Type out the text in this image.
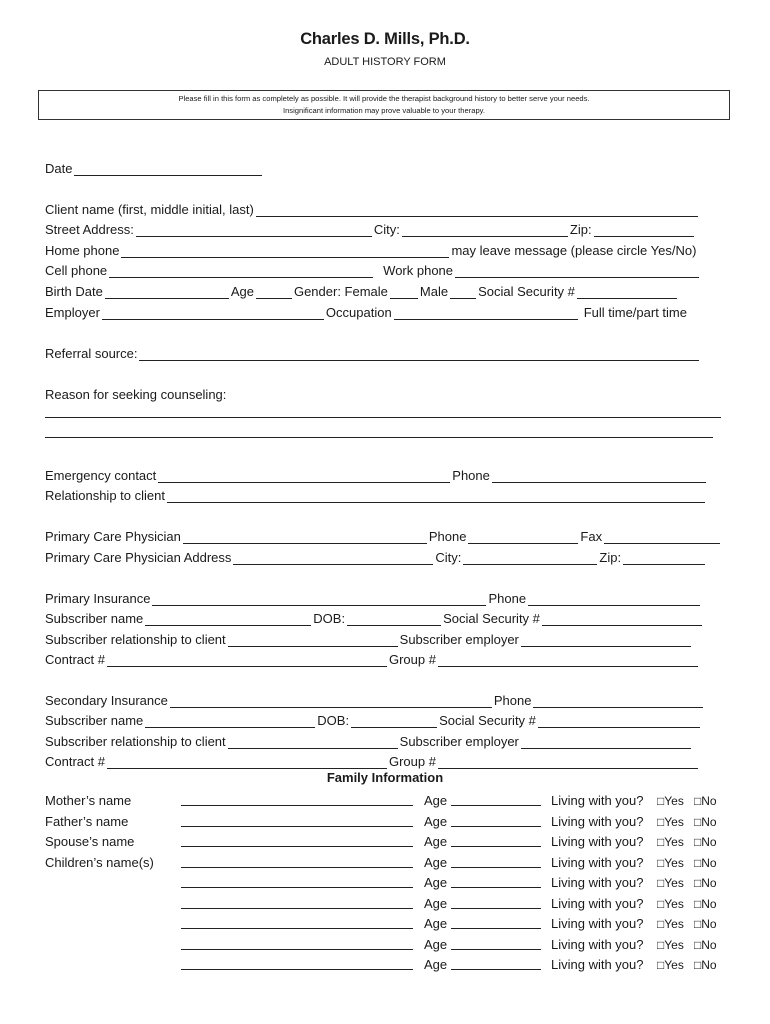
Charles D. Mills, Ph.D.
ADULT HISTORY FORM
Please fill in this form as completely as possible. It will provide the therapist background history to better serve your needs.
Insignificant information may prove valuable to your therapy.
Date
Client name (first, middle initial, last)
Street Address:	City:	Zip:
Home phone	may leave message (please circle Yes/No)
Cell phone	Work phone
Birth Date	Age	Gender: Female Male Social Security #
Employer	Occupation	Full time/part time
Referral source:
Reason for seeking counseling:
Emergency contact	Phone
Relationship to client
Primary Care Physician	Phone	Fax
Primary Care Physician Address	City:	Zip:
Primary Insurance	Phone
Subscriber name	DOB:	Social Security #
Subscriber relationship to client	Subscriber employer
Contract #	Group #
Secondary Insurance	Phone
Subscriber name	DOB:	Social Security #
Subscriber relationship to client	Subscriber employer
Contract #	Group #
Family Information
Mother’s name	Age	Living with you? □Yes □No
Father’s name	Age	Living with you? □Yes □No
Spouse’s name	Age	Living with you? □Yes □No
Children’s name(s)	Age	Living with you? □Yes □No
Age	Living with you? □Yes □No
Age	Living with you? □Yes □No
Age	Living with you? □Yes □No
Age	Living with you? □Yes □No
Age	Living with you? □Yes □No
